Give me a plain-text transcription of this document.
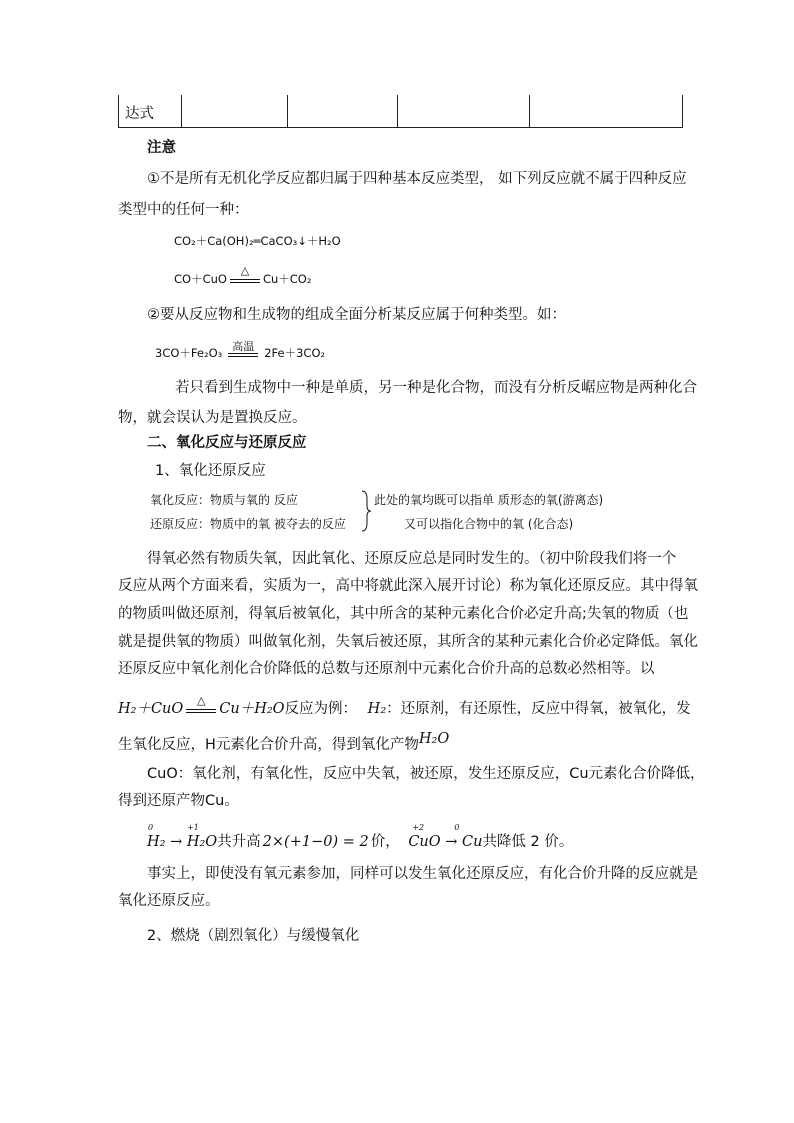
达式
注意
①不是所有无机化学反应都归属于四种基本反应类型， 如下列反应就不属于四种反应
类型中的任何一种：
CO₂＋Ca(OH)₂═CaCO₃↓＋H₂O
CO＋CuO
△
Cu＋CO₂
②要从反应物和生成物的组成全面分析某反应属于何种类型。如：
3CO＋Fe₂O₃ 高温 2Fe＋3CO₂
若只看到生成物中一种是单质，另一种是化合物，而没有分析反崌应物是两种化合
物，就会误认为是置换反应。
二、氧化反应与还原反应
1、氧化还原反应
氧化反应：物质与氧的 反应
还原反应：物质中的氧 被夺去的反应
此处的氧均既可以指单 质形态的氧(游离态)
又可以指化合物中的氧 (化合态)
得氧必然有物质失氧，因此氧化、还原反应总是同时发生的。（初中阶段我们将一个
反应从两个方面来看，实质为一，高中将就此深入展开讨论）称为氧化还原反应。其中得氧
的物质叫做还原剂，得氧后被氧化，其中所含的某种元素化合价必定升高;失氧的物质（也
就是提供氧的物质）叫做氧化剂，失氧后被还原，其所含的某种元素化合价必定降低。氧化
还原反应中氧化剂化合价降低的总数与还原剂中元素化合价升高的总数必然相等。以
H₂＋CuO
△
Cu＋H₂O反应为例： H₂：还原剂，有还原性，反应中得氧，被氧化，发
生氧化反应，H元素化合价升高，得到氧化产物H₂O
CuO：氧化剂，有氧化性，反应中失氧，被还原，发生还原反应，Cu元素化合价降低，
得到还原产物Cu。
0	+1
H₂ → H₂O共升高 2×(+1−0) = 2 价，
+2	0
CuO → Cu共降低 2 价。
事实上，即使没有氧元素参加，同样可以发生氧化还原反应，有化合价升降的反应就是
氧化还原反应。
2、燃烧（剧烈氧化）与缓慢氧化
